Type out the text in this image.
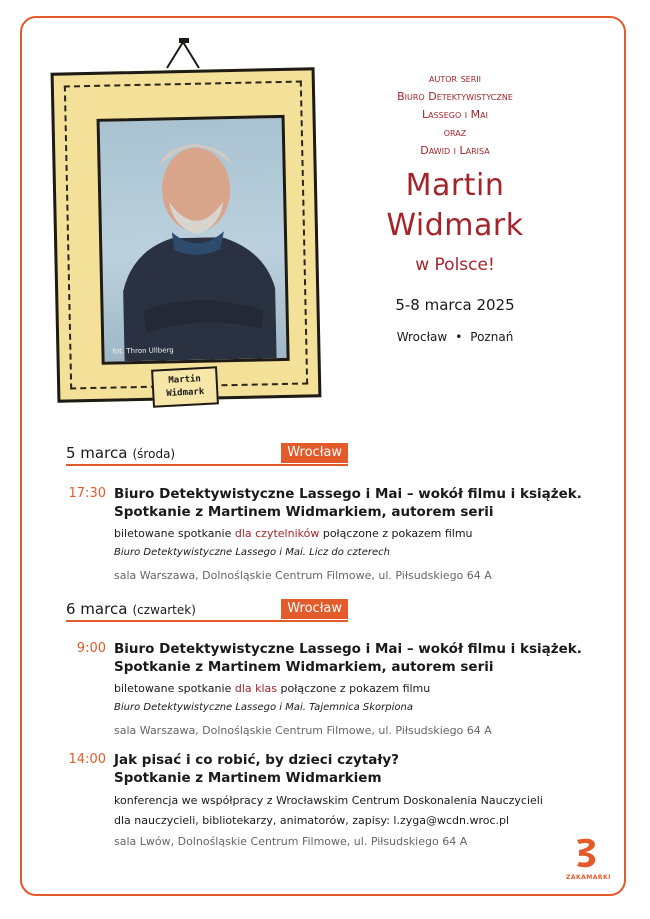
fot. Thron Ullberg
Martin
Widmark
autor serii
Biuro Detektywistyczne
Lassego i Mai
oraz
Dawid i Larisa
Martin
Widmark
w Polsce!
5-8 marca 2025
Wrocław • Poznań
5 marca (środa)	Wrocław
17:30 Biuro Detektywistyczne Lassego i Mai – wokół filmu i książek.
Spotkanie z Martinem Widmarkiem, autorem serii
biletowane spotkanie dla czytelników połączone z pokazem filmu
Biuro Detektywistyczne Lassego i Mai. Licz do czterech
sala Warszawa, Dolnośląskie Centrum Filmowe, ul. Piłsudskiego 64 A
6 marca (czwartek)	Wrocław
9:00 Biuro Detektywistyczne Lassego i Mai – wokół filmu i książek.
Spotkanie z Martinem Widmarkiem, autorem serii
biletowane spotkanie dla klas połączone z pokazem filmu
Biuro Detektywistyczne Lassego i Mai. Tajemnica Skorpiona
sala Warszawa, Dolnośląskie Centrum Filmowe, ul. Piłsudskiego 64 A
14:00 Jak pisać i co robić, by dzieci czytały?
Spotkanie z Martinem Widmarkiem
konferencja we współpracy z Wrocławskim Centrum Doskonalenia Nauczycieli
dla nauczycieli, bibliotekarzy, animatorów, zapisy: l.zyga@wcdn.wroc.pl
sala Lwów, Dolnośląskie Centrum Filmowe, ul. Piłsudskiego 64 A
ZAKAMARKI
